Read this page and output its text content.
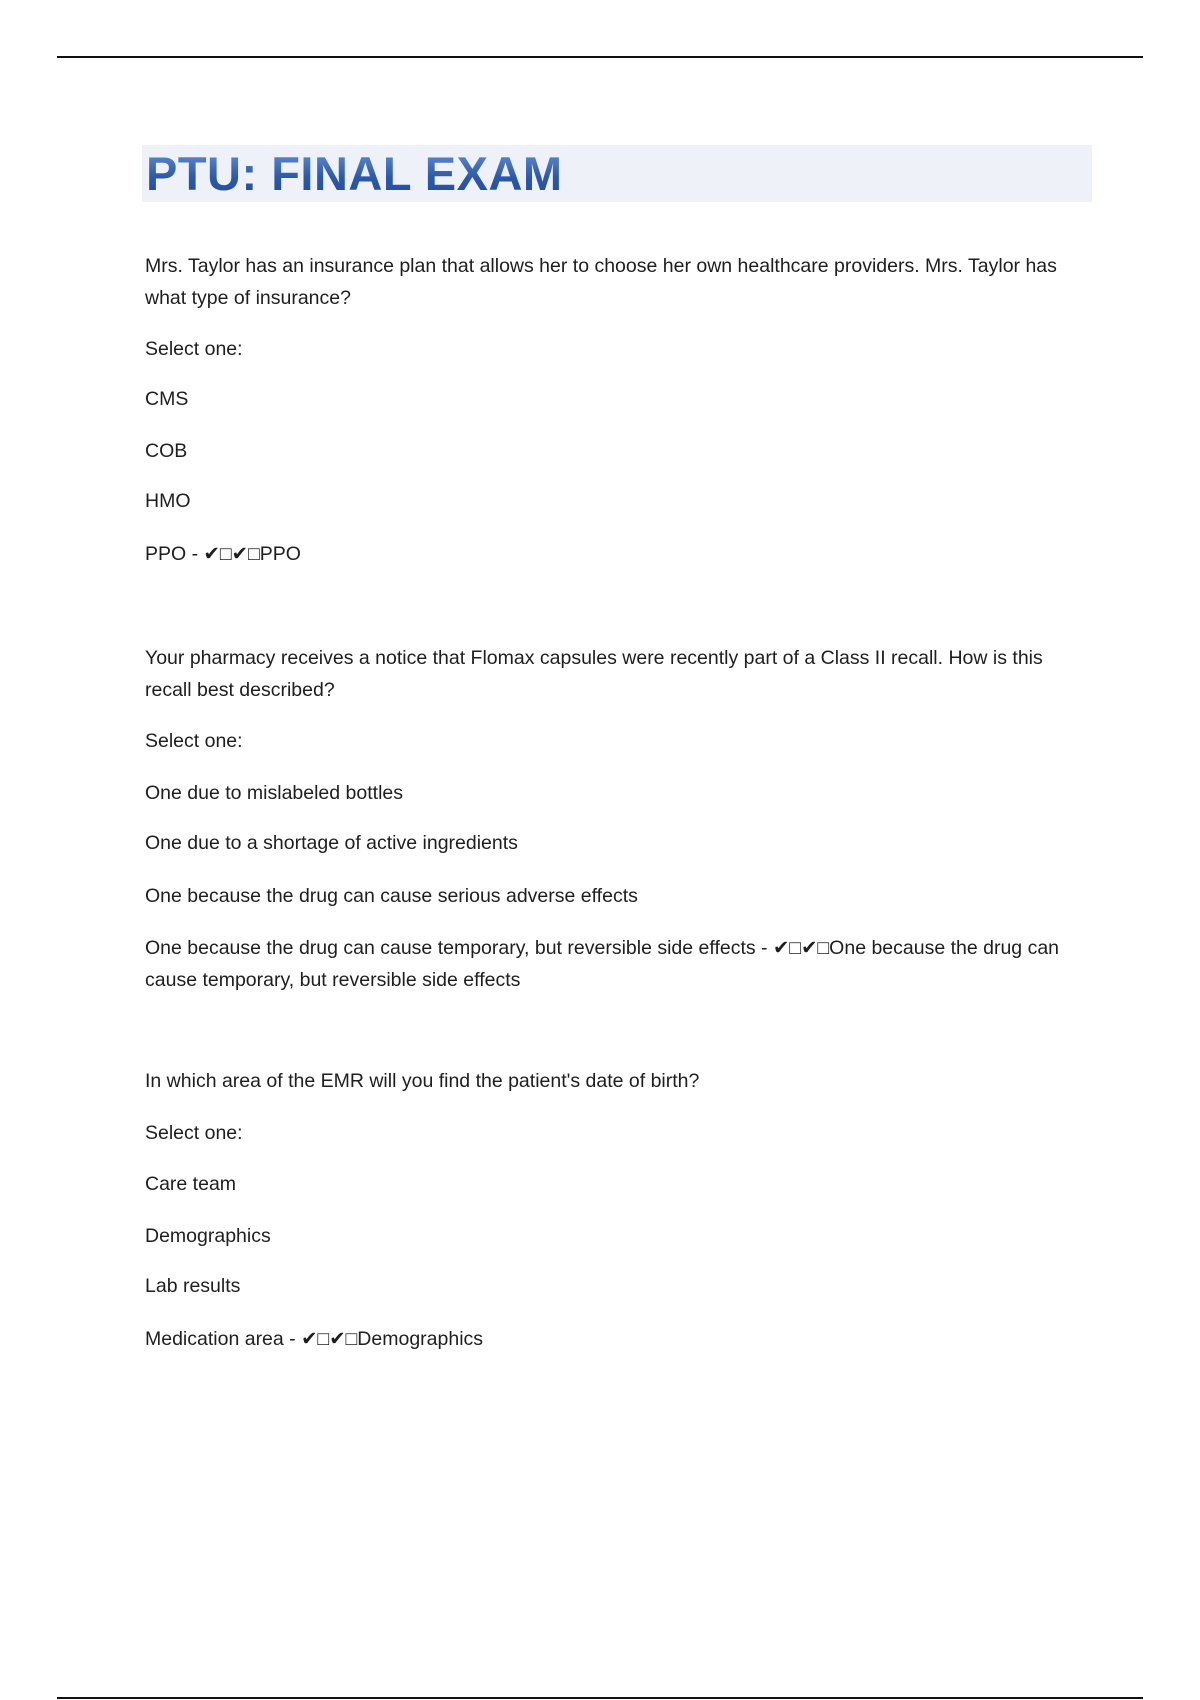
PTU: FINAL EXAM

Mrs. Taylor has an insurance plan that allows her to choose her own healthcare providers. Mrs. Taylor has what type of insurance?

Select one:

CMS

COB

HMO

PPO - ✔□✔□PPO

Your pharmacy receives a notice that Flomax capsules were recently part of a Class II recall. How is this recall best described?

Select one:

One due to mislabeled bottles

One due to a shortage of active ingredients

One because the drug can cause serious adverse effects

One because the drug can cause temporary, but reversible side effects - ✔□✔□One because the drug can cause temporary, but reversible side effects

In which area of the EMR will you find the patient's date of birth?

Select one:

Care team

Demographics

Lab results

Medication area - ✔□✔□Demographics
